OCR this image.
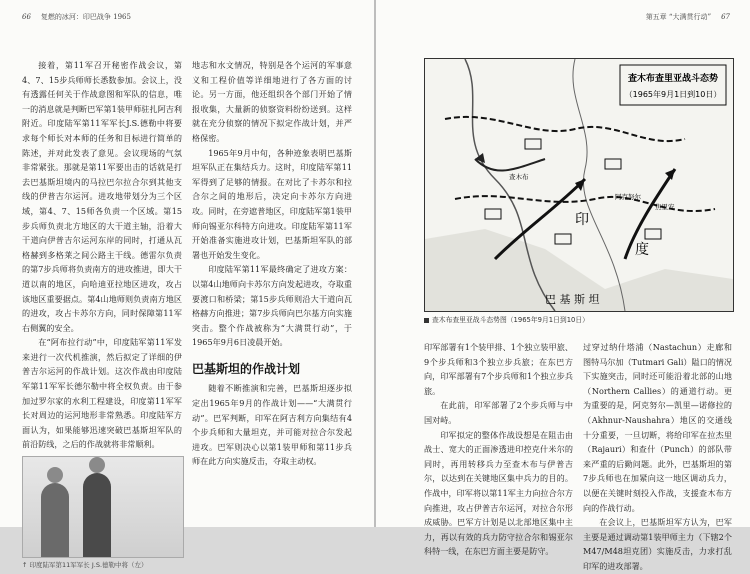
66 复燃的冰河：印巴战争 1965

接着，第11军召开秘密作战会议，第4、7、15步兵师师长悉数参加。会议上，没有透露任何关于作战意图和军队的信息，唯一的消息就是判断巴军第1装甲师驻扎阿吉利附近。印度陆军第11军军长J.S.德勒中将要求每个师长对本师的任务和目标进行简单的陈述，并对此发表了意见。会议现场的气氛非常紧张。那就是第11军要出击的话就是打去巴基斯坦境内的马拉巴尔拉合尔到其他支线的伊普吉尔运河。进攻地带划分为三个区域，第4、7、15师各负责一个区域。第15步兵师负责北方地区的大干道主轴，沿着大干道向伊普吉尔运河东岸的同时，打通从瓦格赫到多格莱之间公路主干线。德雷尔负责的第7步兵师将负责南方的进攻推进，即大干道以南的地区，向哈迪亚拉地区进攻，攻占该地区重要据点。第4山地师则负责南方地区的进攻，攻占卡苏尔方向，同时保障第11军右侧翼的安全。

在“阿布拉行动”中，印度陆军第11军发来进行一次代机推演，然后拟定了详细的伊普吉尔运河的作战计划。这次作战由印度陆军第11军军长德尔勒中将全权负责。由于参加过罗尔家的水利工程建设，印度第11军军长对周边的运河地形非常熟悉。印度陆军方面认为，如果能够迅速突破巴基斯坦军队的前沿防线，之后的作战就将非常顺利。

↑ 印度陆军第11军军长 J.S.德勒中将（左）

地志和水文情况，特别是各个运河的军事意义和工程价值等详细地进行了各方面的讨论。另一方面，他还组织各个部门开始了情报收集，大量新的侦察资料纷纷送到。这样就在充分侦察的情况下拟定作战计划，并严格保密。

1965年9月中旬，各种迹象表明巴基斯坦军队正在集结兵力。这时，印度陆军第11军得到了足够的情报。在对比了卡苏尔和拉合尔之间的地形后，决定向卡苏尔方向进攻。同时，在旁遮普地区，印度陆军第1装甲师向锡亚尔科特方向进攻。印度陆军第11军开始准备实施进攻计划，巴基斯坦军队的部署也开始发生变化。

印度陆军第11军最终确定了进攻方案：以第4山地师向卡苏尔方向发起进攻，夺取重要渡口和桥梁；第15步兵师则沿大干道向瓦格赫方向推进；第7步兵师向巴尔基方向实施突击。整个作战被称为“大满贯行动”，于1965年9月6日凌晨开始。

巴基斯坦的作战计划

随着不断推演和完善，巴基斯坦逐步拟定出1965年9月的作战计划——“大满贯行动”。巴军判断，印军在阿吉利方向集结有4个步兵师和大量坦克，并可能对拉合尔发起进攻。巴军则决心以第1装甲师和第11步兵师在此方向实施反击，夺取主动权。

第五章 “大满贯行动” 67
查木布查里亚战斗态势
（1965年9月1日到10日）
印
度
巴 基 斯 坦
查木布
阿克努尔
焦里安
查木布查里亚战斗态势图（1965年9月1日到10日）

印军部署有1个装甲排、1个独立装甲旅、9个步兵师和3个独立步兵旅；在东巴方向，印军部署有7个步兵师和1个独立步兵旅。

在此前，印军部署了2个步兵师与中国对峙。

印军拟定的整体作战设想是在阻击由战士、宽大的正面渗透进印控克什米尔的同时，再用转移兵力至查木布与伊普吉尔，以达到在关键地区集中兵力的目的。作战中，印军将以第11军主力向拉合尔方向推进，攻占伊普吉尔运河，对拉合尔形成威胁。巴军方计划是以北部地区集中主力，再以有效的兵力防守拉合尔和锡亚尔科特一线，在东巴方面主要是防守。

过穿过纳什塔浦（Nastachun）走廊和图特马尔加（Tutmari Gali）隘口的情况下实施突击，同时还可能沿着北部的山地（Northern Callies）的通道行动。更为重要的是，阿克努尔—凯里—诺修拉的（Akhnur-Naushahra）地区的交通线十分重要，一旦切断，将给印军在拉杰里（Rajauri）和查什（Punch）的部队带来严重的后勤问题。此外，巴基斯坦的第7步兵师也在加紧向这一地区调动兵力，以便在关键时刻投入作战，支援查木布方向的作战行动。

在会议上，巴基斯坦军方认为，巴军主要是通过调动第1装甲师主力（下辖2个M47/M48坦克团）实施反击，力求打乱印军的进攻部署。
